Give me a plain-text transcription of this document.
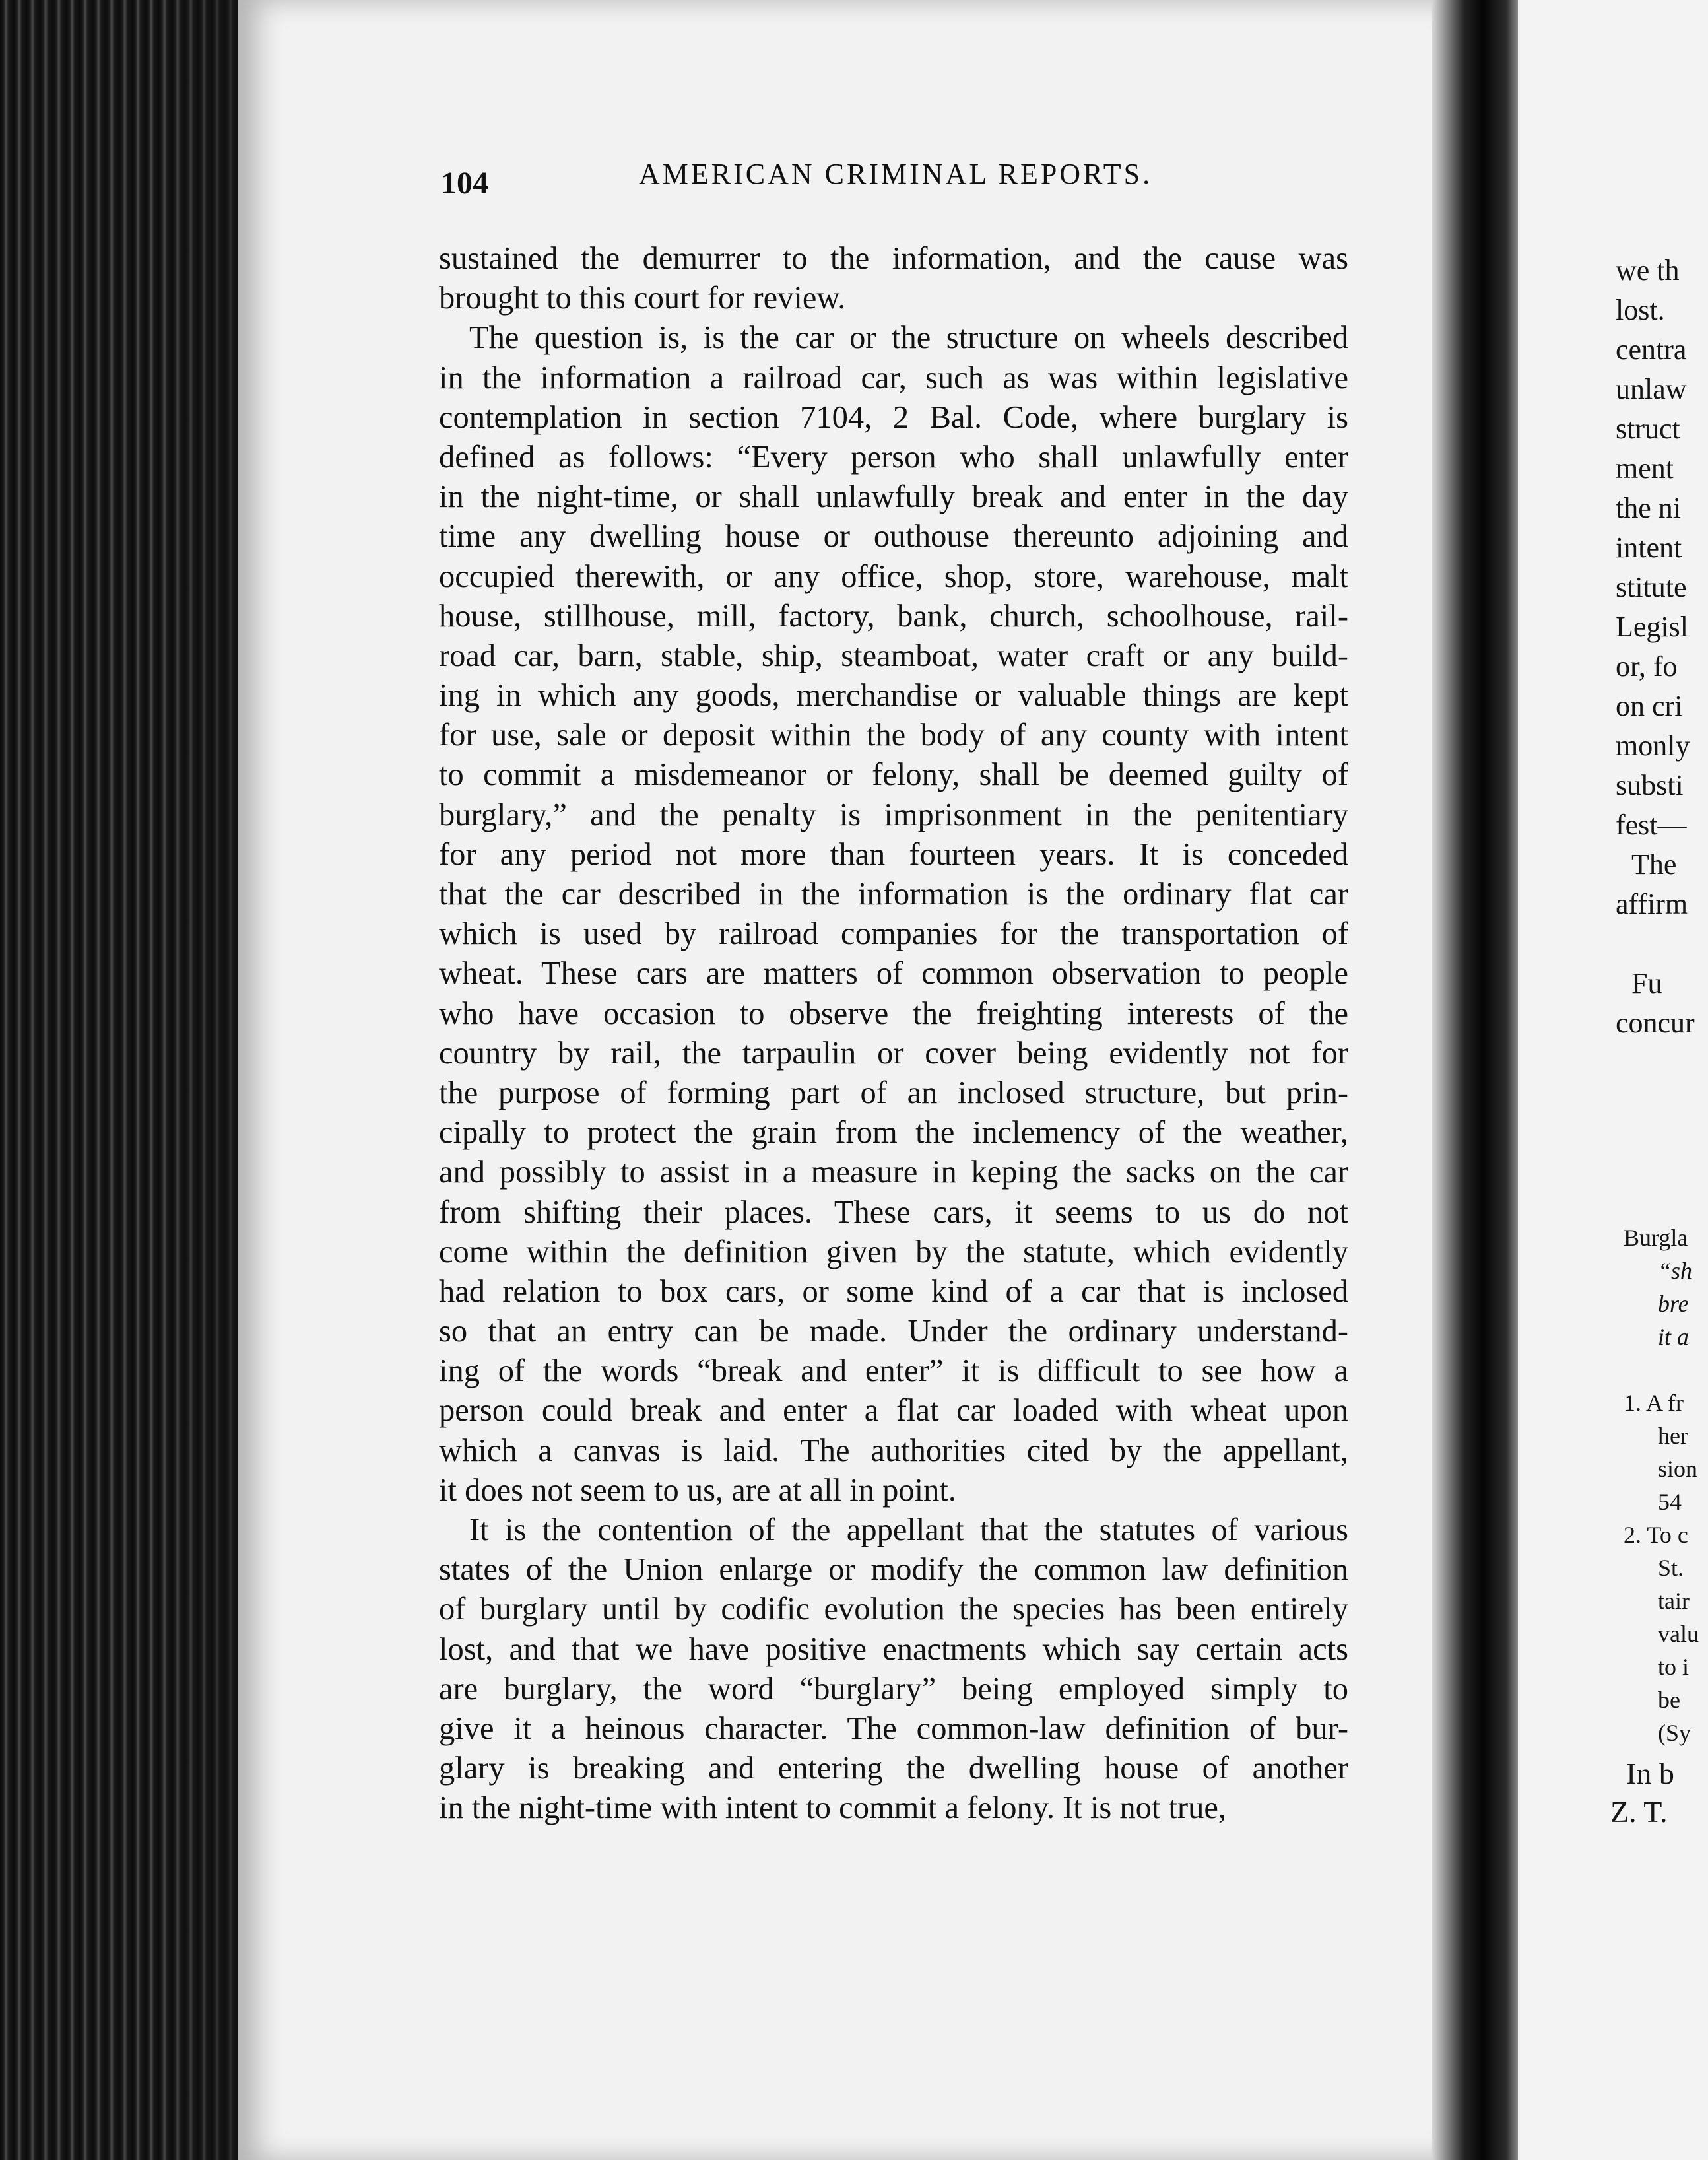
104	AMERICAN CRIMINAL REPORTS.
sustained the demurrer to the information, and the cause was
brought to this court for review.
The question is, is the car or the structure on wheels described
in the information a railroad car, such as was within legislative
contemplation in section 7104, 2 Bal. Code, where burglary is
defined as follows: “Every person who shall unlawfully enter
in the night-time, or shall unlawfully break and enter in the day
time any dwelling house or outhouse thereunto adjoining and
occupied therewith, or any office, shop, store, warehouse, malt
house, stillhouse, mill, factory, bank, church, schoolhouse, rail-
road car, barn, stable, ship, steamboat, water craft or any build-
ing in which any goods, merchandise or valuable things are kept
for use, sale or deposit within the body of any county with intent
to commit a misdemeanor or felony, shall be deemed guilty of
burglary,” and the penalty is imprisonment in the penitentiary
for any period not more than fourteen years. It is conceded
that the car described in the information is the ordinary flat car
which is used by railroad companies for the transportation of
wheat. These cars are matters of common observation to people
who have occasion to observe the freighting interests of the
country by rail, the tarpaulin or cover being evidently not for
the purpose of forming part of an inclosed structure, but prin-
cipally to protect the grain from the inclemency of the weather,
and possibly to assist in a measure in keping the sacks on the car
from shifting their places. These cars, it seems to us do not
come within the definition given by the statute, which evidently
had relation to box cars, or some kind of a car that is inclosed
so that an entry can be made. Under the ordinary understand-
ing of the words “break and enter” it is difficult to see how a
person could break and enter a flat car loaded with wheat upon
which a canvas is laid. The authorities cited by the appellant,
it does not seem to us, are at all in point.
It is the contention of the appellant that the statutes of various
states of the Union enlarge or modify the common law definition
of burglary until by codific evolution the species has been entirely
lost, and that we have positive enactments which say certain acts
are burglary, the word “burglary” being employed simply to
give it a heinous character. The common-law definition of bur-
glary is breaking and entering the dwelling house of another
in the night-time with intent to commit a felony. It is not true,
we th
lost.
centra
unlaw
struct
ment
the ni
intent
stitute
Legisl
or, fo
on cri
monly
substi
fest—
The
affirm
Fu
concur
Burgla
“sh
bre
it a
1. A fr
her
sion
54
2. To c
St.
tair
valu
to i
be
(Sy
In b
Z. T.
